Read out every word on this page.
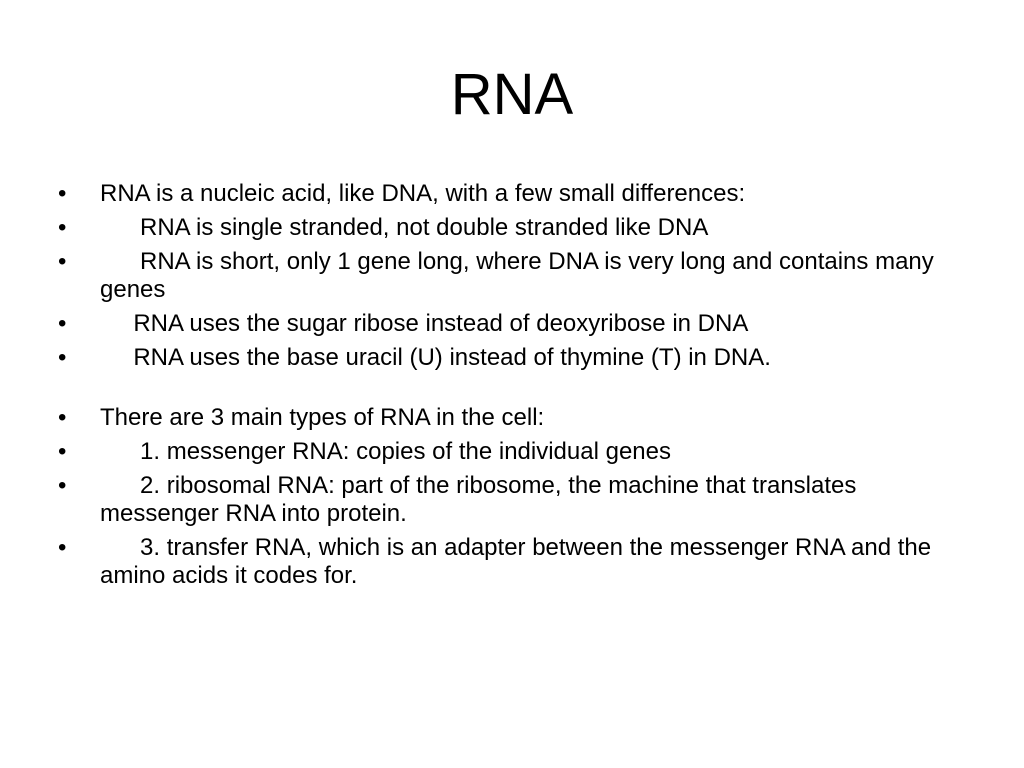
RNA
• RNA is a nucleic acid, like DNA, with a few small differences:
• RNA is single stranded, not double stranded like DNA
• RNA is short, only 1 gene long, where DNA is very long and contains many genes
• RNA uses the sugar ribose instead of deoxyribose in DNA
• RNA uses the base uracil (U) instead of thymine (T) in DNA.
• There are 3 main types of RNA in the cell:
• 1. messenger RNA: copies of the individual genes
• 2. ribosomal RNA: part of the ribosome, the machine that translates messenger RNA into protein.
• 3. transfer RNA, which is an adapter between the messenger RNA and the amino acids it codes for.
